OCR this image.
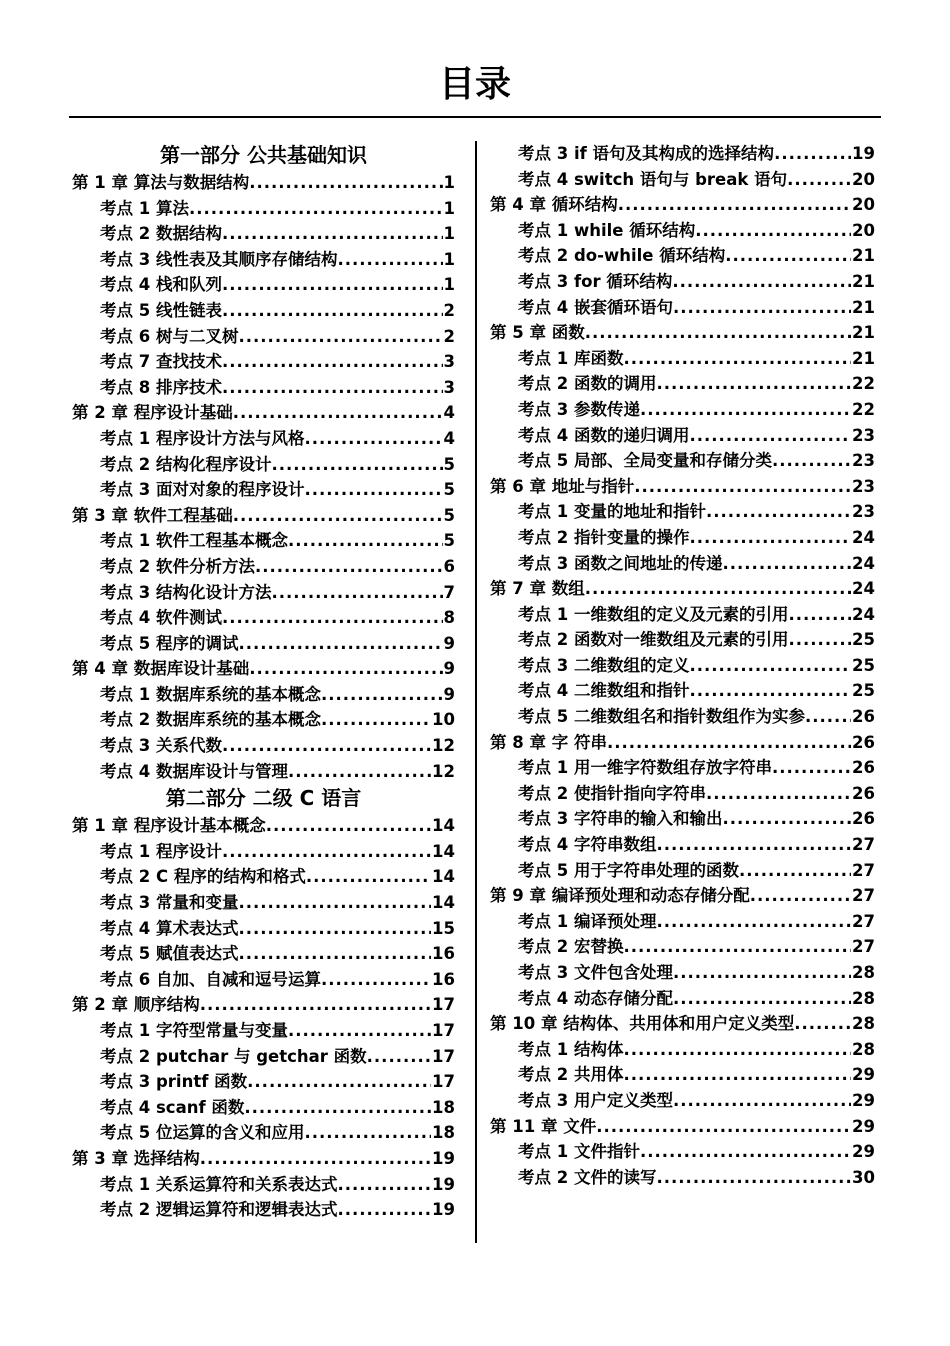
目录
第一部分 公共基础知识
第 1 章 算法与数据结构 .....	1
考点 1 算法 .....	1
考点 2 数据结构 .....	1
考点 3 线性表及其顺序存储结构 .....	1
考点 4 栈和队列 .....	1
考点 5 线性链表 .....	2
考点 6 树与二叉树 .....	2
考点 7 查找技术 .....	3
考点 8 排序技术 .....	3
第 2 章 程序设计基础 .....	4
考点 1 程序设计方法与风格 .....	4
考点 2 结构化程序设计 .....	5
考点 3 面对对象的程序设计 .....	5
第 3 章 软件工程基础 .....	5
考点 1 软件工程基本概念 .....	5
考点 2 软件分析方法 .....	6
考点 3 结构化设计方法 .....	7
考点 4 软件测试 .....	8
考点 5 程序的调试 .....	9
第 4 章 数据库设计基础 .....	9
考点 1 数据库系统的基本概念 .....	9
考点 2 数据库系统的基本概念 .....	10
考点 3 关系代数 .....	12
考点 4 数据库设计与管理 .....	12
第二部分 二级 C 语言
第 1 章 程序设计基本概念 .....	14
考点 1 程序设计 .....	14
考点 2 C 程序的结构和格式 .....	14
考点 3 常量和变量 .....	14
考点 4 算术表达式 .....	15
考点 5 赋值表达式 .....	16
考点 6 自加、自减和逗号运算 .....	16
第 2 章 顺序结构 .....	17
考点 1 字符型常量与变量 .....	17
考点 2 putchar 与 getchar 函数 .....	17
考点 3 printf 函数 .....	17
考点 4 scanf 函数 .....	18
考点 5 位运算的含义和应用 .....	18
第 3 章 选择结构 .....	19
考点 1 关系运算符和关系表达式 .....	19
考点 2 逻辑运算符和逻辑表达式 .....	19
考点 3 if 语句及其构成的选择结构 .....	19
考点 4 switch 语句与 break 语句 .....	20
第 4 章 循环结构 .....	20
考点 1 while 循环结构 .....	20
考点 2 do-while 循环结构 .....	21
考点 3 for 循环结构 .....	21
考点 4 嵌套循环语句 .....	21
第 5 章 函数 .....	21
考点 1 库函数 .....	21
考点 2 函数的调用 .....	22
考点 3 参数传递 .....	22
考点 4 函数的递归调用 .....	23
考点 5 局部、全局变量和存储分类 .....	23
第 6 章 地址与指针 .....	23
考点 1 变量的地址和指针 .....	23
考点 2 指针变量的操作 .....	24
考点 3 函数之间地址的传递 .....	24
第 7 章 数组 .....	24
考点 1 一维数组的定义及元素的引用 .....	24
考点 2 函数对一维数组及元素的引用 .....	25
考点 3 二维数组的定义 .....	25
考点 4 二维数组和指针 .....	25
考点 5 二维数组名和指针数组作为实参 .....	26
第 8 章 字 符串 .....	26
考点 1 用一维字符数组存放字符串 .....	26
考点 2 使指针指向字符串 .....	26
考点 3 字符串的输入和输出 .....	26
考点 4 字符串数组 .....	27
考点 5 用于字符串处理的函数 .....	27
第 9 章 编译预处理和动态存储分配 .....	27
考点 1 编译预处理 .....	27
考点 2 宏替换 .....	27
考点 3 文件包含处理 .....	28
考点 4 动态存储分配 .....	28
第 10 章 结构体、共用体和用户定义类型 .....	28
考点 1 结构体 .....	28
考点 2 共用体 .....	29
考点 3 用户定义类型 .....	29
第 11 章 文件 .....	29
考点 1 文件指针 .....	29
考点 2 文件的读写 .....	30
